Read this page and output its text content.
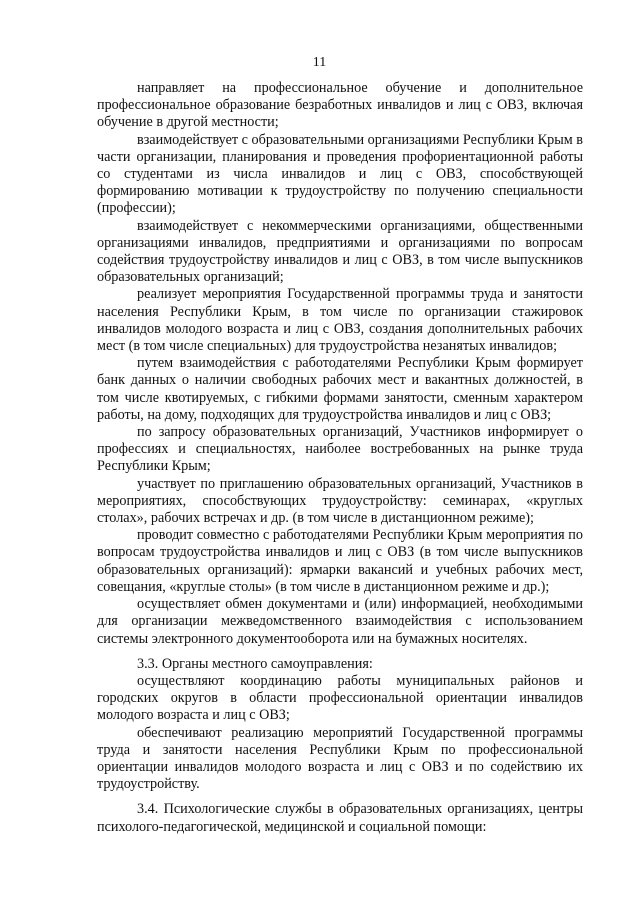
11

направляет на профессиональное обучение и дополнительное профессиональное образование безработных инвалидов и лиц с ОВЗ, включая обучение в другой местности;

взаимодействует с образовательными организациями Республики Крым в части организации, планирования и проведения профориентационной работы со студентами из числа инвалидов и лиц с ОВЗ, способствующей формированию мотивации к трудоустройству по получению специальности (профессии);

взаимодействует с некоммерческими организациями, общественными организациями инвалидов, предприятиями и организациями по вопросам содействия трудоустройству инвалидов и лиц с ОВЗ, в том числе выпускников образовательных организаций;

реализует мероприятия Государственной программы труда и занятости населения Республики Крым, в том числе по организации стажировок инвалидов молодого возраста и лиц с ОВЗ, создания дополнительных рабочих мест (в том числе специальных) для трудоустройства незанятых инвалидов;

путем взаимодействия с работодателями Республики Крым формирует банк данных о наличии свободных рабочих мест и вакантных должностей, в том числе квотируемых, с гибкими формами занятости, сменным характером работы, на дому, подходящих для трудоустройства инвалидов и лиц с ОВЗ;

по запросу образовательных организаций, Участников информирует о профессиях и специальностях, наиболее востребованных на рынке труда Республики Крым;

участвует по приглашению образовательных организаций, Участников в мероприятиях, способствующих трудоустройству: семинарах, «круглых столах», рабочих встречах и др. (в том числе в дистанционном режиме);

проводит совместно с работодателями Республики Крым мероприятия по вопросам трудоустройства инвалидов и лиц с ОВЗ (в том числе выпускников образовательных организаций): ярмарки вакансий и учебных рабочих мест, совещания, «круглые столы» (в том числе в дистанционном режиме и др.);

осуществляет обмен документами и (или) информацией, необходимыми для организации межведомственного взаимодействия с использованием системы электронного документооборота или на бумажных носителях.

3.3. Органы местного самоуправления:

осуществляют координацию работы муниципальных районов и городских округов в области профессиональной ориентации инвалидов молодого возраста и лиц с ОВЗ;

обеспечивают реализацию мероприятий Государственной программы труда и занятости населения Республики Крым по профессиональной ориентации инвалидов молодого возраста и лиц с ОВЗ и по содействию их трудоустройству.

3.4. Психологические службы в образовательных организациях, центры психолого-педагогической, медицинской и социальной помощи:
